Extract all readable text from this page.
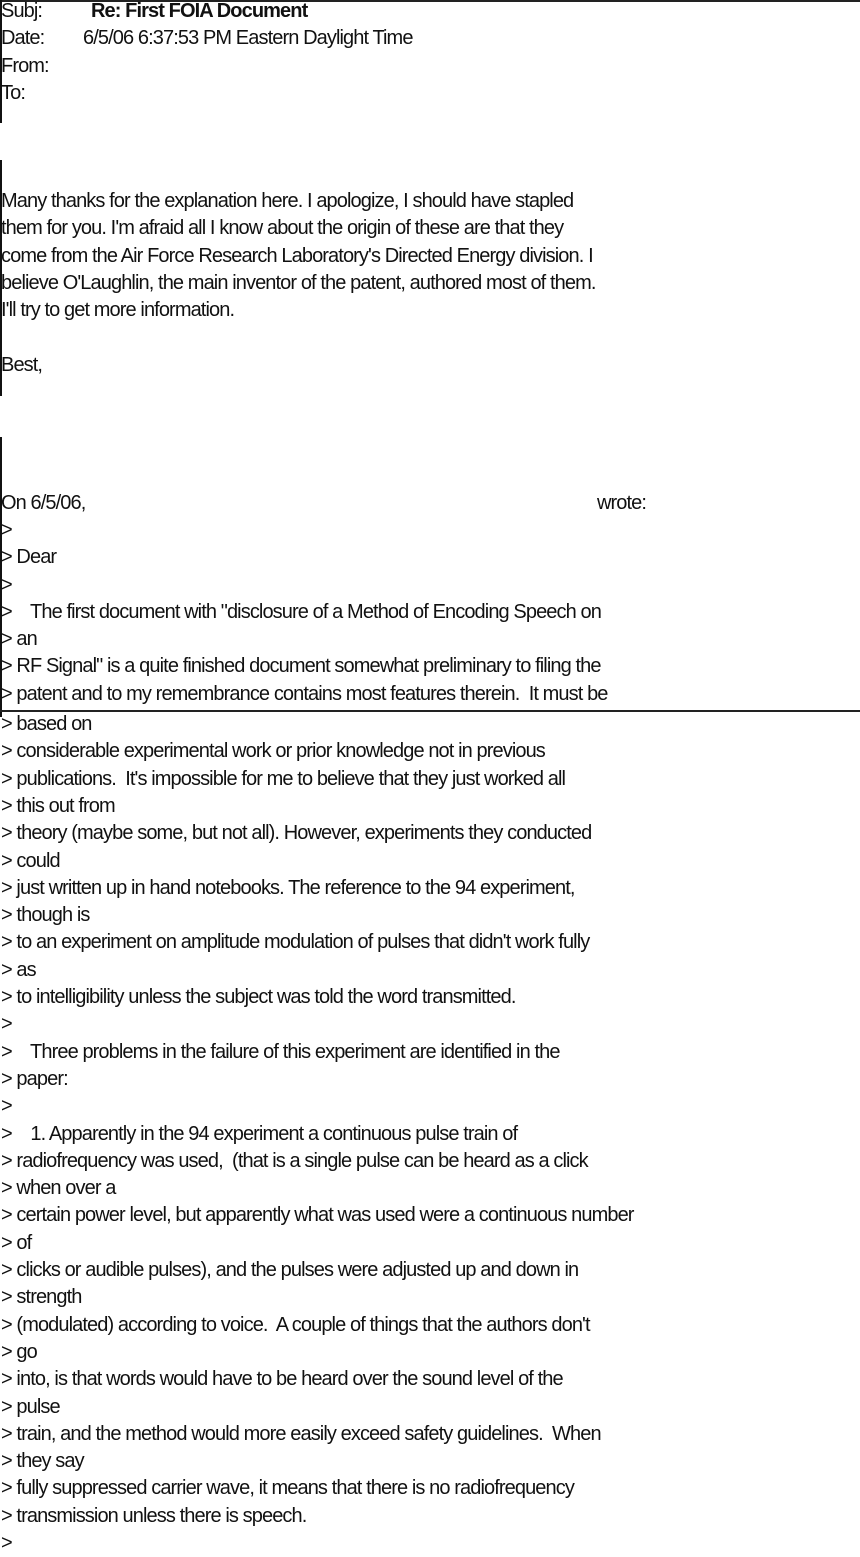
Subj: Re: First FOIA Document
Date: 6/5/06 6:37:53 PM Eastern Daylight Time
From:
To:
Many thanks for the explanation here. I apologize, I should have stapled
them for you. I'm afraid all I know about the origin of these are that they
come from the Air Force Research Laboratory's Directed Energy division. I
believe O'Laughlin, the main inventor of the patent, authored most of them.
I'll try to get more information.
Best,
On 6/5/06,	wrote:
>
> Dear
>
>    The first document with "disclosure of a Method of Encoding Speech on
> an
> RF Signal" is a quite finished document somewhat preliminary to filing the
> patent and to my remembrance contains most features therein.  It must be
> based on
> considerable experimental work or prior knowledge not in previous
> publications.  It's impossible for me to believe that they just worked all
> this out from
> theory (maybe some, but not all). However, experiments they conducted
> could
> just written up in hand notebooks. The reference to the 94 experiment,
> though is
> to an experiment on amplitude modulation of pulses that didn't work fully
> as
> to intelligibility unless the subject was told the word transmitted.
>
>    Three problems in the failure of this experiment are identified in the
> paper:
>
>    1. Apparently in the 94 experiment a continuous pulse train of
> radiofrequency was used,  (that is a single pulse can be heard as a click
> when over a
> certain power level, but apparently what was used were a continuous number
> of
> clicks or audible pulses), and the pulses were adjusted up and down in
> strength
> (modulated) according to voice.  A couple of things that the authors don't
> go
> into, is that words would have to be heard over the sound level of the
> pulse
> train, and the method would more easily exceed safety guidelines.  When
> they say
> fully suppressed carrier wave, it means that there is no radiofrequency
> transmission unless there is speech.
>
